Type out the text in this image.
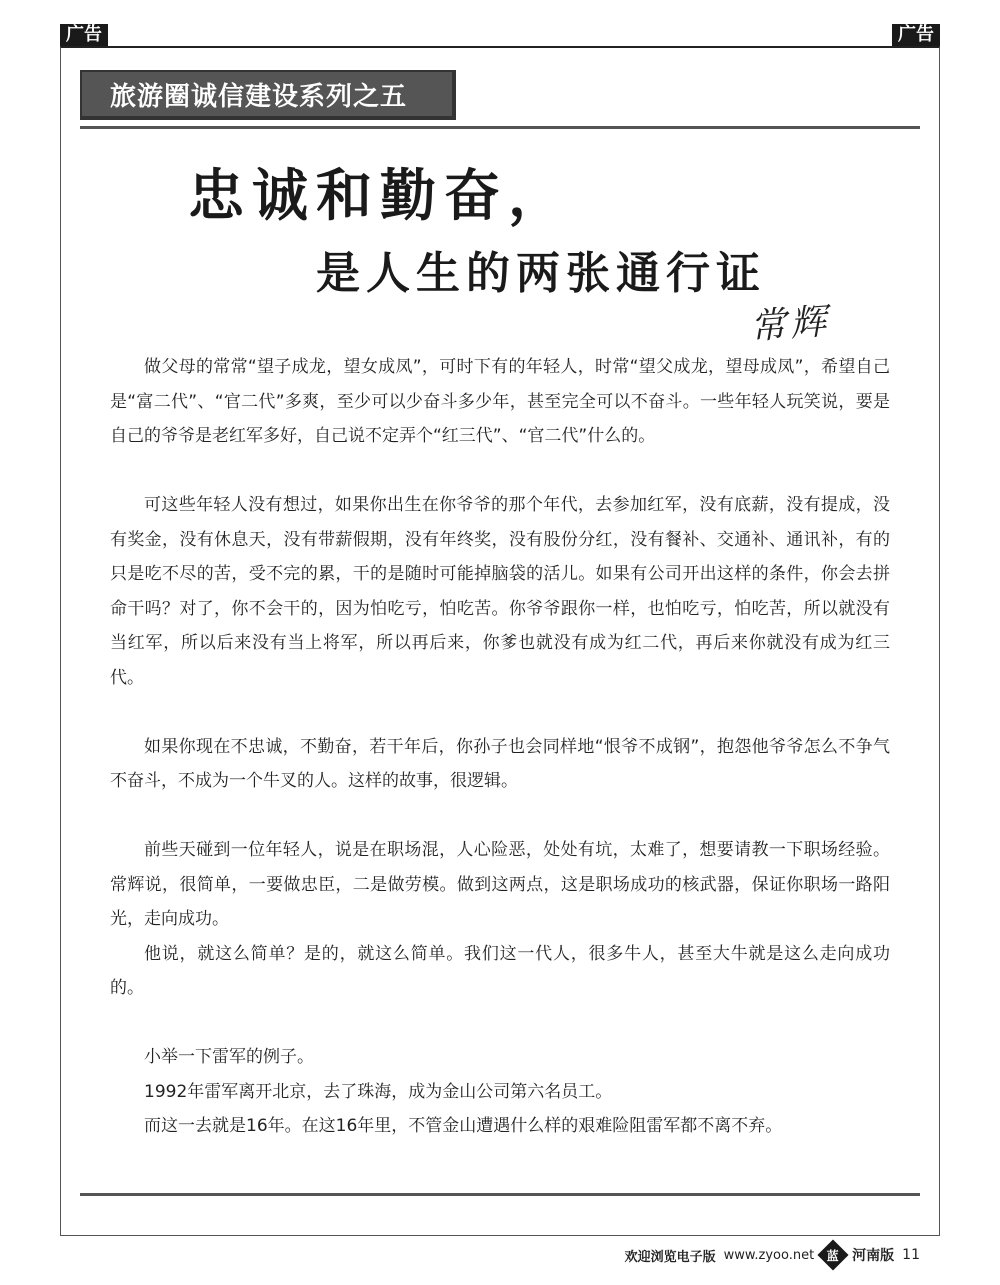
广告	广告
旅游圈诚信建设系列之五
忠诚和勤奋，
是人生的两张通行证
常辉

做父母的常常“望子成龙，望女成凤”，可时下有的年轻人，时常“望父成龙，望母成凤”，希望自己是“富二代”、“官二代”多爽，至少可以少奋斗多少年，甚至完全可以不奋斗。一些年轻人玩笑说，要是自己的爷爷是老红军多好，自己说不定弄个“红三代”、“官二代”什么的。

可这些年轻人没有想过，如果你出生在你爷爷的那个年代，去参加红军，没有底薪，没有提成，没有奖金，没有休息天，没有带薪假期，没有年终奖，没有股份分红，没有餐补、交通补、通讯补，有的只是吃不尽的苦，受不完的累，干的是随时可能掉脑袋的活儿。如果有公司开出这样的条件，你会去拼命干吗？对了，你不会干的，因为怕吃亏，怕吃苦。你爷爷跟你一样，也怕吃亏，怕吃苦，所以就没有当红军，所以后来没有当上将军，所以再后来，你爹也就没有成为红二代，再后来你就没有成为红三代。

如果你现在不忠诚，不勤奋，若干年后，你孙子也会同样地“恨爷不成钢”，抱怨他爷爷怎么不争气不奋斗，不成为一个牛叉的人。这样的故事，很逻辑。

前些天碰到一位年轻人，说是在职场混，人心险恶，处处有坑，太难了，想要请教一下职场经验。常辉说，很简单，一要做忠臣，二是做劳模。做到这两点，这是职场成功的核武器，保证你职场一路阳光，走向成功。

他说，就这么简单？是的，就这么简单。我们这一代人，很多牛人，甚至大牛就是这么走向成功的。

小举一下雷军的例子。

1992年雷军离开北京，去了珠海，成为金山公司第六名员工。

而这一去就是16年。在这16年里，不管金山遭遇什么样的艰难险阻雷军都不离不弃。

欢迎浏览电子版 www.zyoo.net 蓝 河南版 11
